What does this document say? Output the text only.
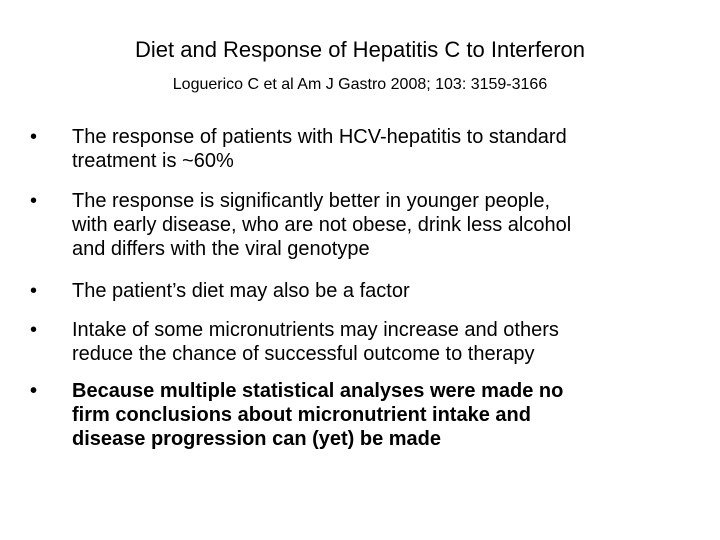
Diet and Response of Hepatitis C to Interferon
Loguerico C et al Am J Gastro 2008; 103: 3159-3166
• The response of patients with HCV-hepatitis to standard
treatment is ~60%
• The response is significantly better in younger people,
with early disease, who are not obese, drink less alcohol
and differs with the viral genotype
• The patient’s diet may also be a factor
• Intake of some micronutrients may increase and others
reduce the chance of successful outcome to therapy
• Because multiple statistical analyses were made no
firm conclusions about micronutrient intake and
disease progression can (yet) be made
